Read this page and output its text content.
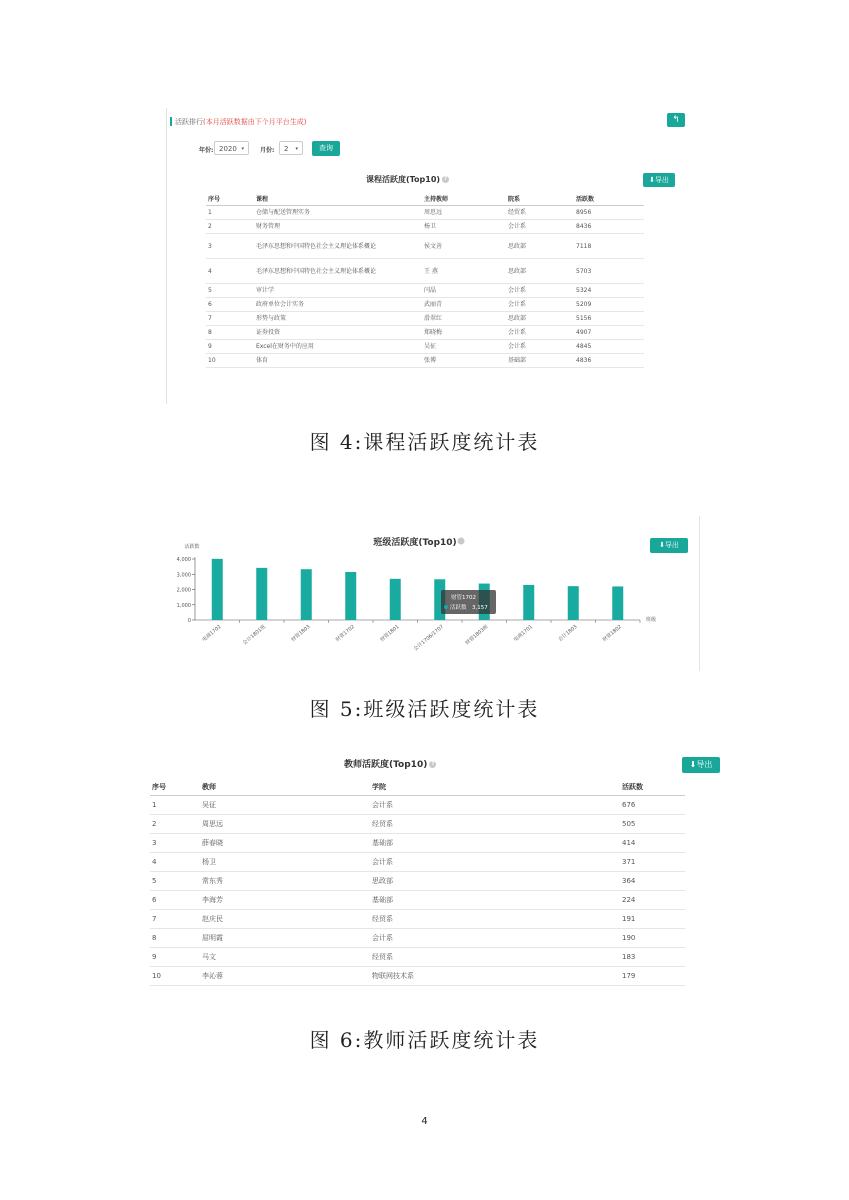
活跃排行(本月活跃数据由下个月平台生成)	↰
年份: 2020 ▾	月份:	2 ▾	查询
课程活跃度(Top10) ?	⬇导出
序号	课程	主持教师	院系	活跃数
1	仓储与配送管理实务	周思远	经贸系	8956
2	财务管理	杨卫	会计系	8436
3	毛泽东思想和中国特色社会主义理论体系概论	侯文善	思政部	7118
4	毛泽东思想和中国特色社会主义理论体系概论	王 燕	思政部	5703
5	审计学	闫晶	会计系	5324
6	政府单位会计实务	武丽青	会计系	5209
7	形势与政策	滑翠红	思政部	5156
8	证券投资	郑晓梅	会计系	4907
9	Excel在财务中的应用	吴征	会计系	4845
10	体育	张博	基础部	4836
图 4:课程活跃度统计表
班级活跃度(Top10)
活跃数
班级
0
1,000
2,000
3,000
4,000
电商1702	会计1801班	财管1803	财管1702	财管1801 会计1706/1707	财管1803班	电商1701	会计1803	财管1802
财管1702
活跃数 3,157
⬇导出
图 5:班级活跃度统计表
教师活跃度(Top10) ?	⬇导出
序号	教师	学院	活跃数
1	吴征	会计系	676
2	周思远	经贸系	505
3	薛春晓	基础部	414
4	杨卫	会计系	371
5	常东秀	思政部	364
6	李海芳	基础部	224
7	赵庆民	经贸系	191
8	屈明霞	会计系	190
9	马文	经贸系	183
10	李沁蓉	物联网技术系	179
图 6:教师活跃度统计表
4
